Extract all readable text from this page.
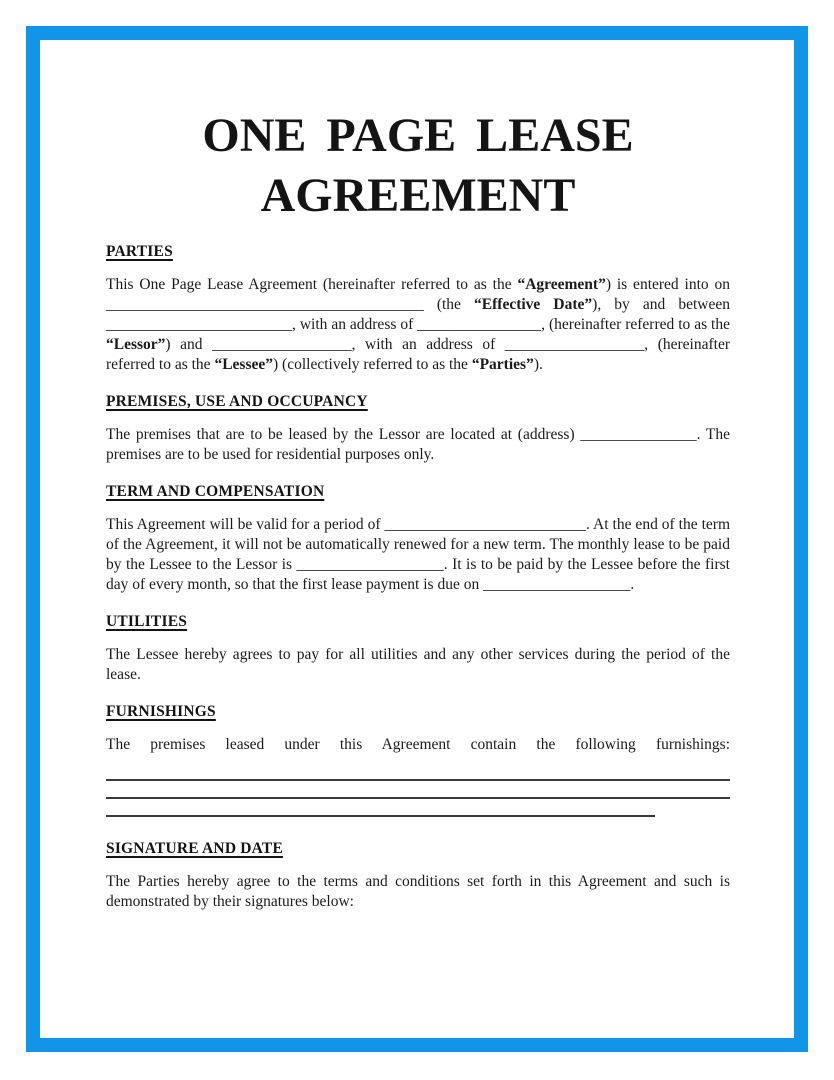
ONE PAGE LEASE AGREEMENT
PARTIES

This One Page Lease Agreement (hereinafter referred to as the “Agreement”) is entered into on _________________________________________ (the “Effective Date”), by and between ________________________, with an address of ________________, (hereinafter referred to as the “Lessor”) and __________________, with an address of __________________, (hereinafter referred to as the “Lessee”) (collectively referred to as the “Parties”).

PREMISES, USE AND OCCUPANCY

The premises that are to be leased by the Lessor are located at (address) _______________. The premises are to be used for residential purposes only.

TERM AND COMPENSATION

This Agreement will be valid for a period of __________________________. At the end of the term of the Agreement, it will not be automatically renewed for a new term. The monthly lease to be paid by the Lessee to the Lessor is ___________________. It is to be paid by the Lessee before the first day of every month, so that the first lease payment is due on ___________________.

UTILITIES

The Lessee hereby agrees to pay for all utilities and any other services during the period of the lease.

FURNISHINGS

The premises leased under this Agreement contain the following furnishings:

SIGNATURE AND DATE

The Parties hereby agree to the terms and conditions set forth in this Agreement and such is demonstrated by their signatures below:
